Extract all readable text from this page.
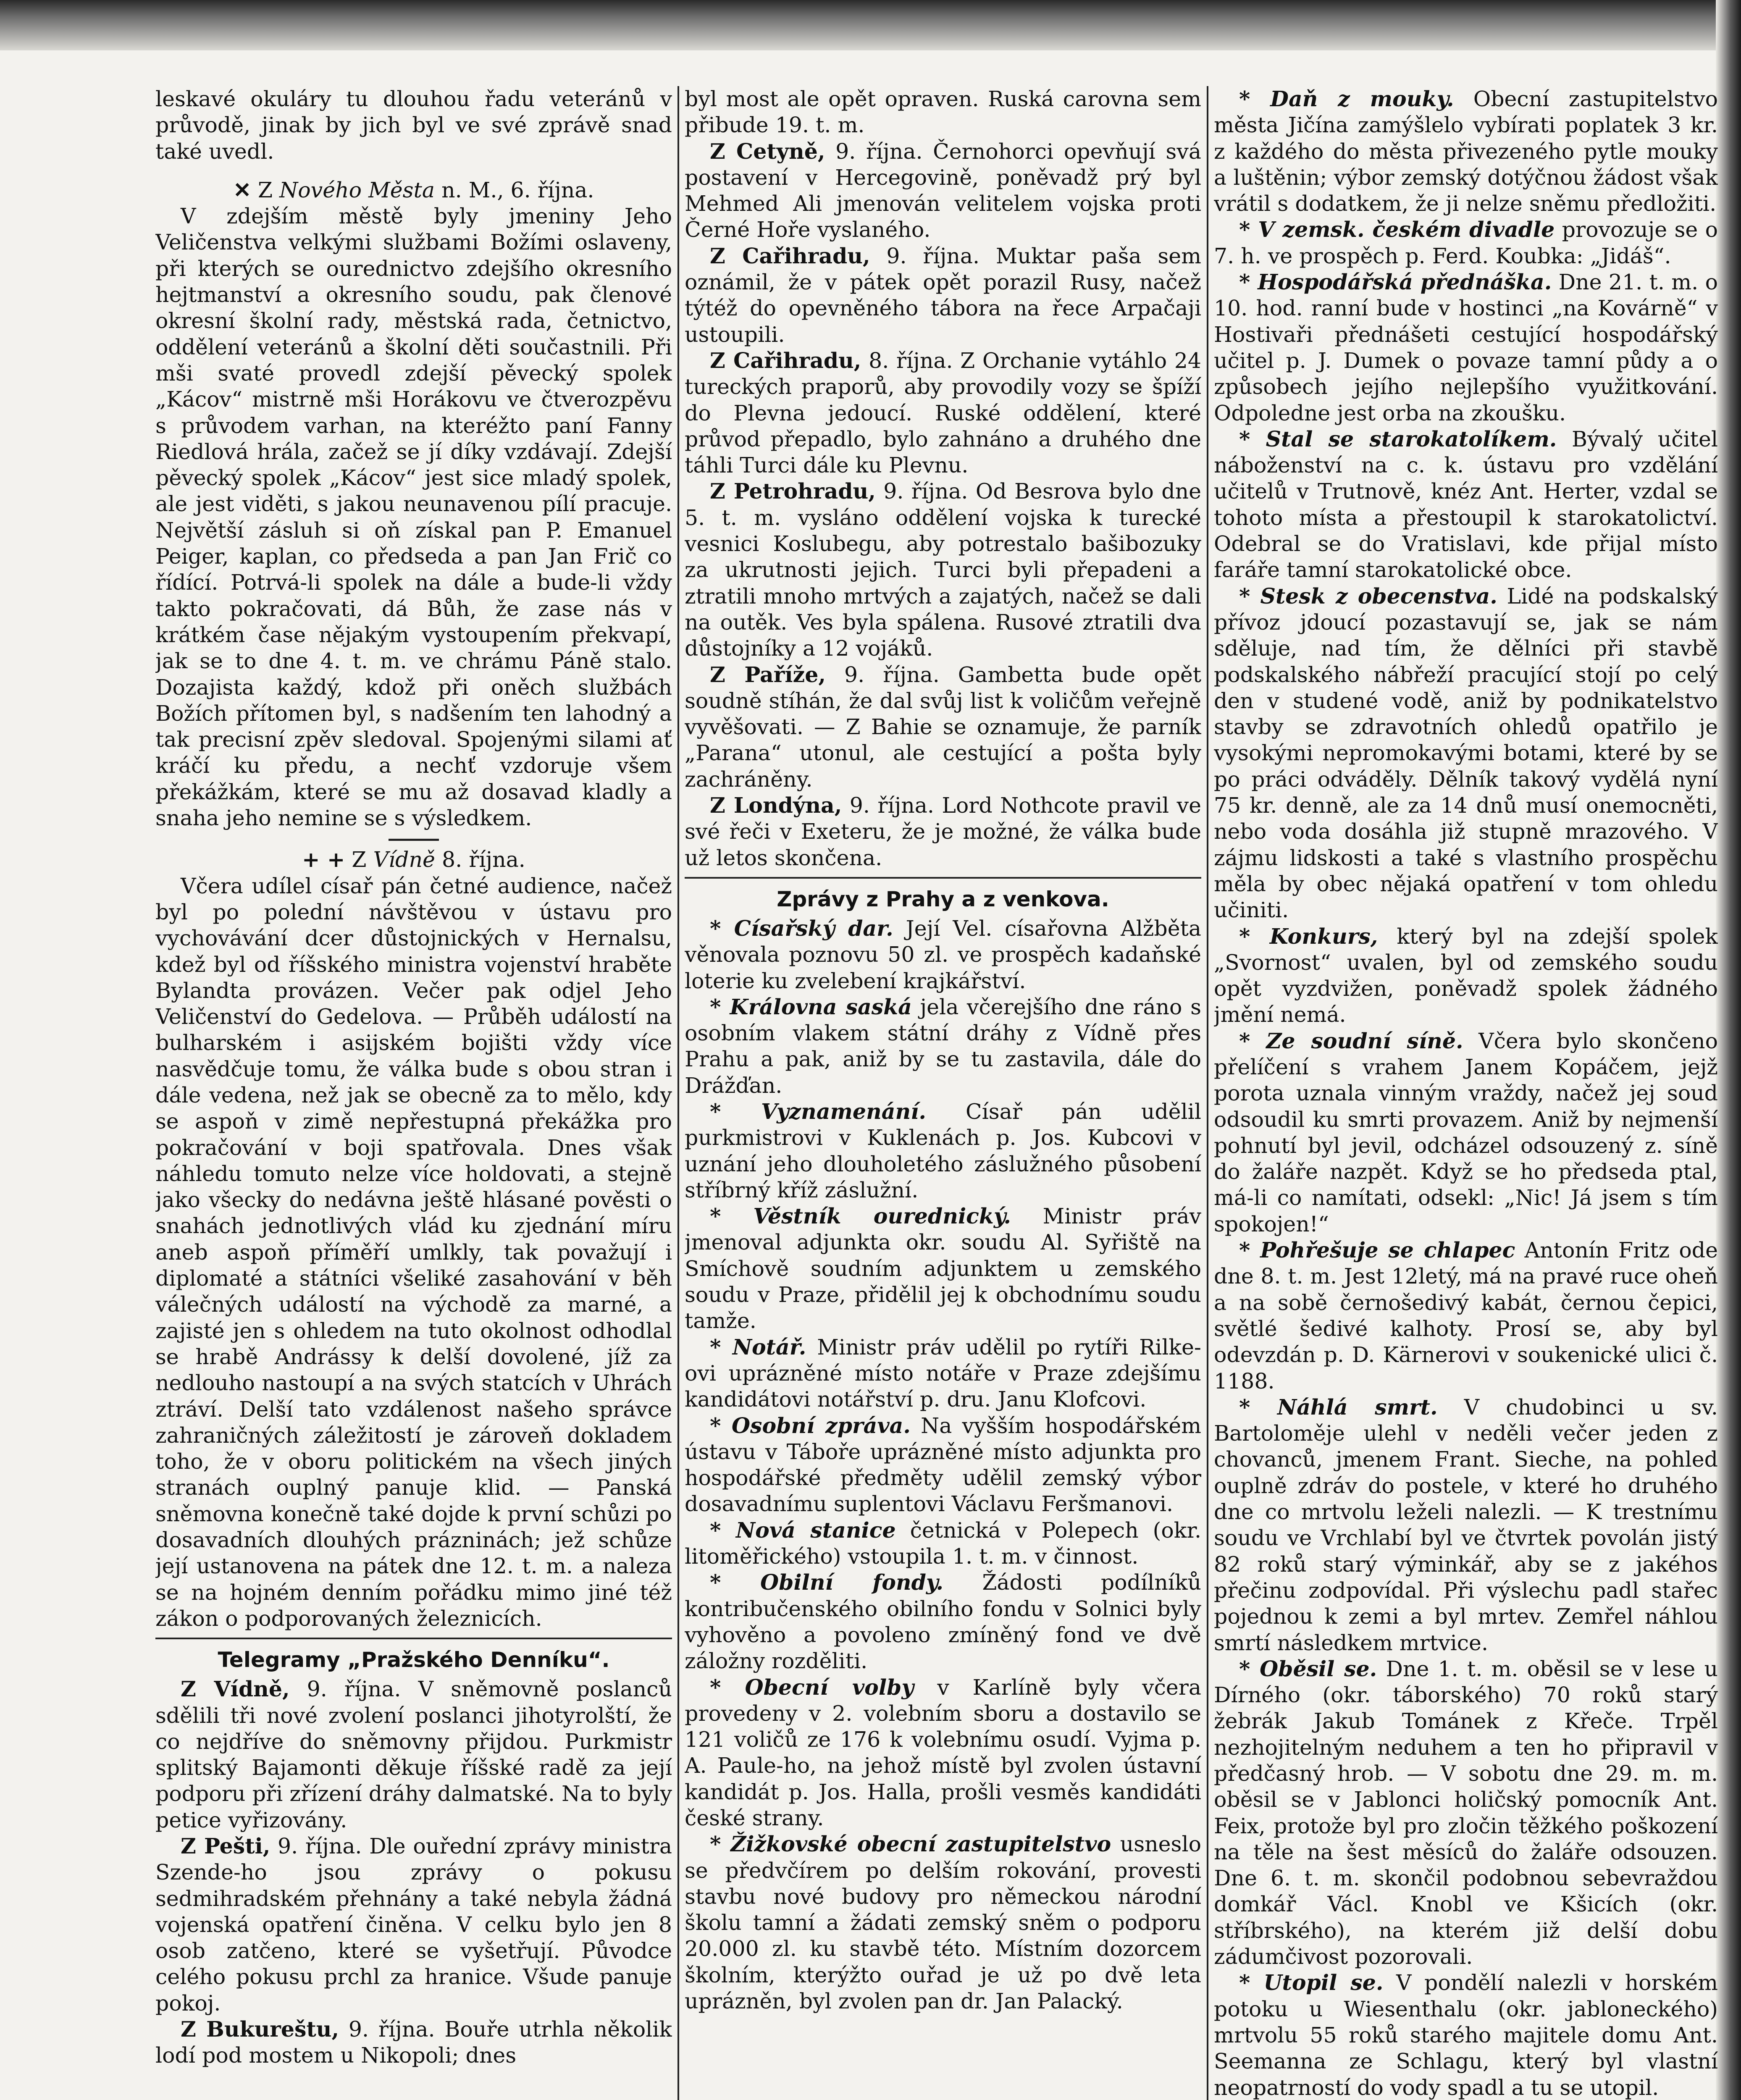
leskavé okuláry tu dlouhou řadu veteránů v průvodě, jinak by jich byl ve své zprávě snad také uvedl.

✕ Z Nového Města n. M., 6. října.

V zdejším městě byly jmeniny Jeho Veličenstva velkými službami Božími oslaveny, při kterých se ourednictvo zdejšího okresního hejtmanství a okresního soudu, pak členové okresní školní rady, městská rada, četnictvo, oddělení veteránů a školní děti součastnili. Při mši svaté provedl zdejší pěvecký spolek „Kácov“ mistrně mši Horákovu ve čtverozpěvu s průvodem varhan, na kteréžto paní Fanny Riedlová hrála, začež se jí díky vzdávají. Zdejší pěvecký spolek „Kácov“ jest sice mladý spolek, ale jest viděti, s jakou neunavenou pílí pracuje. Největší zásluh si oň získal pan P. Emanuel Peiger, kaplan, co předseda a pan Jan Frič co řídící. Potrvá-li spolek na dále a bude-li vždy takto pokračovati, dá Bůh, že zase nás v krátkém čase nějakým vystoupením překvapí, jak se to dne 4. t. m. ve chrámu Páně stalo. Dozajista každý, kdož při oněch službách Božích přítomen byl, s nadšením ten lahodný a tak precisní zpěv sledoval. Spojenými silami ať kráčí ku předu, a nechť vzdoruje všem překážkám, které se mu až dosavad kladly a snaha jeho nemine se s výsledkem.

+ + Z Vídně 8. října.

Včera udílel císař pán četné audience, načež byl po polední návštěvou v ústavu pro vychovávání dcer důstojnických v Hernalsu, kdež byl od říšského ministra vojenství hraběte Bylandta provázen. Večer pak odjel Jeho Veličenství do Gedelova. — Průběh událostí na bulharském i asijském bojišti vždy více nasvědčuje tomu, že válka bude s obou stran i dále vedena, než jak se obecně za to mělo, kdy se aspoň v zimě nepřestupná překážka pro pokračování v boji spatřovala. Dnes však náhledu tomuto nelze více holdovati, a stejně jako všecky do nedávna ještě hlásané pověsti o snahách jednotlivých vlád ku zjednání míru aneb aspoň příměří umlkly, tak považují i diplomaté a státníci všeliké zasahování v běh válečných událostí na východě za marné, a zajisté jen s ohledem na tuto okolnost odhodlal se hrabě Andrássy k delší dovolené, jíž za nedlouho nastoupí a na svých statcích v Uhrách ztráví. Delší tato vzdálenost našeho správce zahraničných záležitostí je zároveň dokladem toho, že v oboru politickém na všech jiných stranách ouplný panuje klid. — Panská sněmovna konečně také dojde k první schůzi po dosavadních dlouhých prázninách; jež schůze její ustanovena na pátek dne 12. t. m. a naleza se na hojném denním pořádku mimo jiné též zákon o podporovaných železnicích.

Telegramy „Pražského Denníku“.

Z Vídně, 9. října. V sněmovně poslanců sdělili tři nové zvolení poslanci jihotyrolští, že co nejdříve do sněmovny přijdou. Purkmistr splitský Bajamonti děkuje říšské radě za její podporu při zřízení dráhy dalmatské. Na to byly petice vyřizovány.

Z Pešti, 9. října. Dle ouřední zprávy ministra Szende-ho jsou zprávy o pokusu sedmihradském přehnány a také nebyla žádná vojenská opatření činěna. V celku bylo jen 8 osob zatčeno, které se vyšetřují. Původce celého pokusu prchl za hranice. Všude panuje pokoj.

Z Bukureštu, 9. října. Bouře utrhla několik lodí pod mostem u Nikopoli; dnes

byl most ale opět opraven. Ruská carovna sem přibude 19. t. m.

Z Cetyně, 9. října. Černohorci opevňují svá postavení v Hercegovině, poněvadž prý byl Mehmed Ali jmenován velitelem vojska proti Černé Hoře vyslaného.

Z Cařihradu, 9. října. Muktar paša sem oznámil, že v pátek opět porazil Rusy, načež týtéž do opevněného tábora na řece Arpačaji ustoupili.

Z Cařihradu, 8. října. Z Orchanie vytáhlo 24 tureckých praporů, aby provodily vozy se špíží do Plevna jedoucí. Ruské oddělení, které průvod přepadlo, bylo zahnáno a druhého dne táhli Turci dále ku Plevnu.

Z Petrohradu, 9. října. Od Besrova bylo dne 5. t. m. vysláno oddělení vojska k turecké vesnici Koslubegu, aby potrestalo bašibozuky za ukrutnosti jejich. Turci byli přepadeni a ztratili mnoho mrtvých a zajatých, načež se dali na outěk. Ves byla spálena. Rusové ztratili dva důstojníky a 12 vojáků.

Z Paříže, 9. října. Gambetta bude opět soudně stíhán, že dal svůj list k voličům veřejně vyvěšovati. — Z Bahie se oznamuje, že parník „Parana“ utonul, ale cestující a pošta byly zachráněny.

Z Londýna, 9. října. Lord Nothcote pravil ve své řeči v Exeteru, že je možné, že válka bude už letos skončena.

Zprávy z Prahy a z venkova.

* Císařský dar. Její Vel. císařovna Alžběta věnovala poznovu 50 zl. ve prospěch kadaňské loterie ku zvelebení krajkářství.

* Královna saská jela včerejšího dne ráno s osobním vlakem státní dráhy z Vídně přes Prahu a pak, aniž by se tu zastavila, dále do Drážďan.

* Vyznamenání. Císař pán udělil purkmistrovi v Kuklenách p. Jos. Kubcovi v uznání jeho dlouholetého záslužného působení stříbrný kříž záslužní.

* Věstník ourednický. Ministr práv jmenoval adjunkta okr. soudu Al. Syřiště na Smíchově soudním adjunktem u zemského soudu v Praze, přidělil jej k obchodnímu soudu tamže.

* Notář. Ministr práv udělil po rytíři Rilke-ovi uprázněné místo notáře v Praze zdejšímu kandidátovi notářství p. dru. Janu Klofcovi.

* Osobní zpráva. Na vyšším hospodářském ústavu v Táboře uprázněné místo adjunkta pro hospodářské předměty udělil zemský výbor dosavadnímu suplentovi Václavu Feršmanovi.

* Nová stanice četnická v Polepech (okr. litoměřického) vstoupila 1. t. m. v činnost.

* Obilní fondy. Žádosti podílníků kontribučenského obilního fondu v Solnici byly vyhověno a povoleno zmíněný fond ve dvě záložny rozděliti.

* Obecní volby v Karlíně byly včera provedeny v 2. volebním sboru a dostavilo se 121 voličů ze 176 k volebnímu osudí. Vyjma p. A. Paule-ho, na jehož místě byl zvolen ústavní kandidát p. Jos. Halla, prošli vesměs kandidáti české strany.

* Žižkovské obecní zastupitelstvo usneslo se předvčírem po delším rokování, provesti stavbu nové budovy pro německou národní školu tamní a žádati zemský sněm o podporu 20.000 zl. ku stavbě této. Místním dozorcem školním, kterýžto ouřad je už po dvě leta uprázněn, byl zvolen pan dr. Jan Palacký.

* Daň z mouky. Obecní zastupitelstvo města Jičína zamýšlelo vybírati poplatek 3 kr. z každého do města přivezeného pytle mouky a luštěnin; výbor zemský dotýčnou žádost však vrátil s dodatkem, že ji nelze sněmu předložiti.

* V zemsk. českém divadle provozuje se o 7. h. ve prospěch p. Ferd. Koubka: „Jidáš“.

* Hospodářská přednáška. Dne 21. t. m. o 10. hod. ranní bude v hostinci „na Kovárně“ v Hostivaři přednášeti cestující hospodářský učitel p. J. Dumek o povaze tamní půdy a o způsobech jejího nejlepšího využitkování. Odpoledne jest orba na zkoušku.

* Stal se starokatolíkem. Bývalý učitel náboženství na c. k. ústavu pro vzdělání učitelů v Trutnově, knéz Ant. Herter, vzdal se tohoto místa a přestoupil k starokatolictví. Odebral se do Vratislavi, kde přijal místo faráře tamní starokatolické obce.

* Stesk z obecenstva. Lidé na podskalský přívoz jdoucí pozastavují se, jak se nám sděluje, nad tím, že dělníci při stavbě podskalského nábřeží pracující stojí po celý den v studené vodě, aniž by podnikatelstvo stavby se zdravotních ohledů opatřilo je vysokými nepromokavými botami, které by se po práci odváděly. Dělník takový vydělá nyní 75 kr. denně, ale za 14 dnů musí onemocněti, nebo voda dosáhla již stupně mrazového. V zájmu lidskosti a také s vlastního prospěchu měla by obec nějaká opatření v tom ohledu učiniti.

* Konkurs, který byl na zdejší spolek „Svornost“ uvalen, byl od zemského soudu opět vyzdvižen, poněvadž spolek žádného jmění nemá.

* Ze soudní síně. Včera bylo skončeno přelíčení s vrahem Janem Kopáčem, jejž porota uznala vinným vraždy, načež jej soud odsoudil ku smrti provazem. Aniž by nejmenší pohnutí byl jevil, odcházel odsouzený z. síně do žaláře nazpět. Když se ho předseda ptal, má-li co namítati, odsekl: „Nic! Já jsem s tím spokojen!“

* Pohřešuje se chlapec Antonín Fritz ode dne 8. t. m. Jest 12letý, má na pravé ruce oheň a na sobě černošedivý kabát, černou čepici, světlé šedivé kalhoty. Prosí se, aby byl odevzdán p. D. Kärnerovi v soukenické ulici č. 1188.

* Náhlá smrt. V chudobinci u sv. Bartoloměje ulehl v neděli večer jeden z chovanců, jmenem Frant. Sieche, na pohled ouplně zdráv do postele, v které ho druhého dne co mrtvolu leželi nalezli. — K trestnímu soudu ve Vrchlabí byl ve čtvrtek povolán jistý 82 roků starý výminkář, aby se z jakéhos přečinu zodpovídal. Při výslechu padl stařec pojednou k zemi a byl mrtev. Zemřel náhlou smrtí následkem mrtvice.

* Oběsil se. Dne 1. t. m. oběsil se v lese u Dírného (okr. táborského) 70 roků starý žebrák Jakub Tománek z Křeče. Trpěl nezhojitelným neduhem a ten ho připravil v předčasný hrob. — V sobotu dne 29. m. m. oběsil se v Jablonci holičský pomocník Ant. Feix, protože byl pro zločin těžkého poškození na těle na šest měsíců do žaláře odsouzen. Dne 6. t. m. skončil podobnou sebevraždou domkář Václ. Knobl ve Kšicích (okr. stříbrského), na kterém již delší dobu zádumčivost pozorovali.

* Utopil se. V pondělí nalezli v horském potoku u Wiesenthalu (okr. jabloneckého) mrtvolu 55 roků starého majitele domu Ant. Seemanna ze Schlagu, který byl vlastní neopatrností do vody spadl a tu se utopil.
